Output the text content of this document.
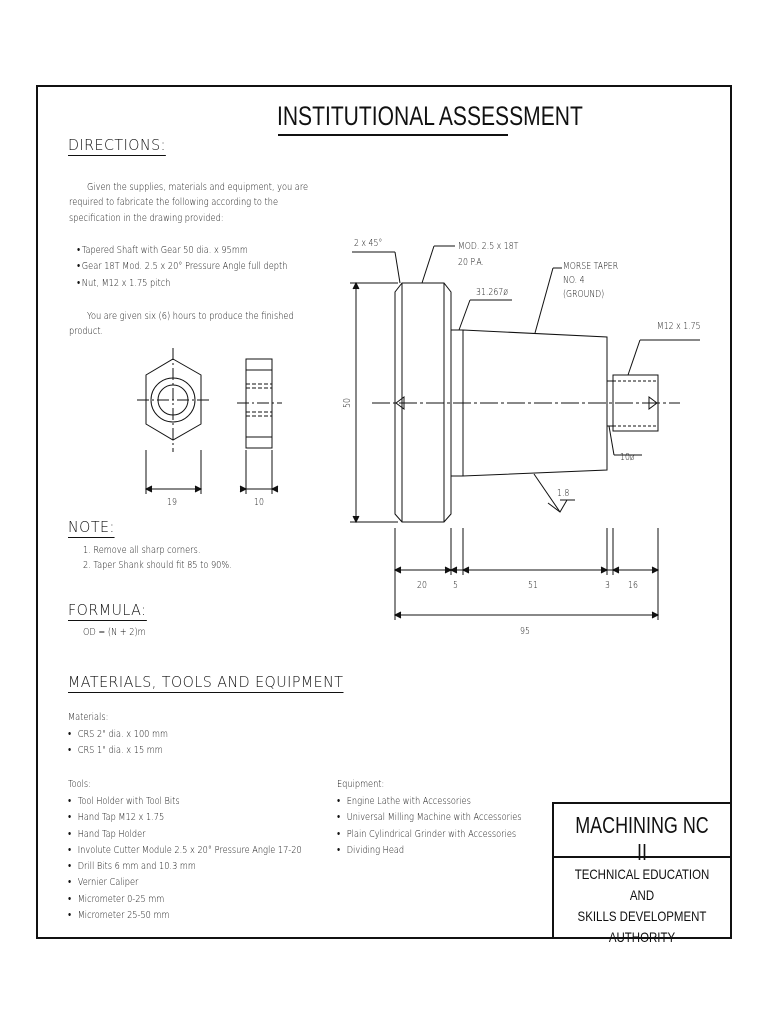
INSTITUTIONAL ASSESSMENT
DIRECTIONS:
Given the supplies, materials and equipment, you are
required to fabricate the following according to the
specification in the drawing provided:
• Tapered Shaft with Gear 50 dia. x 95mm
• Gear 18T Mod. 2.5 x 20° Pressure Angle full depth
• Nut, M12 x 1.75 pitch
You are given six (6) hours to produce the finished
product.
NOTE:
1. Remove all sharp corners.
2. Taper Shank should fit 85 to 90%.
FORMULA:
OD = (N + 2)m
MATERIALS, TOOLS AND EQUIPMENT
Materials:
• CRS 2" dia. x 100 mm
• CRS 1" dia. x 15 mm
Tools:
• Tool Holder with Tool Bits
• Hand Tap M12 x 1.75
• Hand Tap Holder
• Involute Cutter Module 2.5 x 20° Pressure Angle 17-20
• Drill Bits 6 mm and 10.3 mm
• Vernier Caliper
• Micrometer 0-25 mm
• Micrometer 25-50 mm
Equipment:
• Engine Lathe with Accessories
• Universal Milling Machine with Accessories
• Plain Cylindrical Grinder with Accessories
• Dividing Head
MACHINING NC II
TECHNICAL EDUCATION AND
SKILLS DEVELOPMENT
AUTHORITY
19	10
2 x 45°	MOD. 2.5 x 18T
20 P.A.
31.267ø
MORSE TAPER
NO. 4
(GROUND)
M12 x 1.75
50
10ø
1.8
20	5	51	3 16
95
